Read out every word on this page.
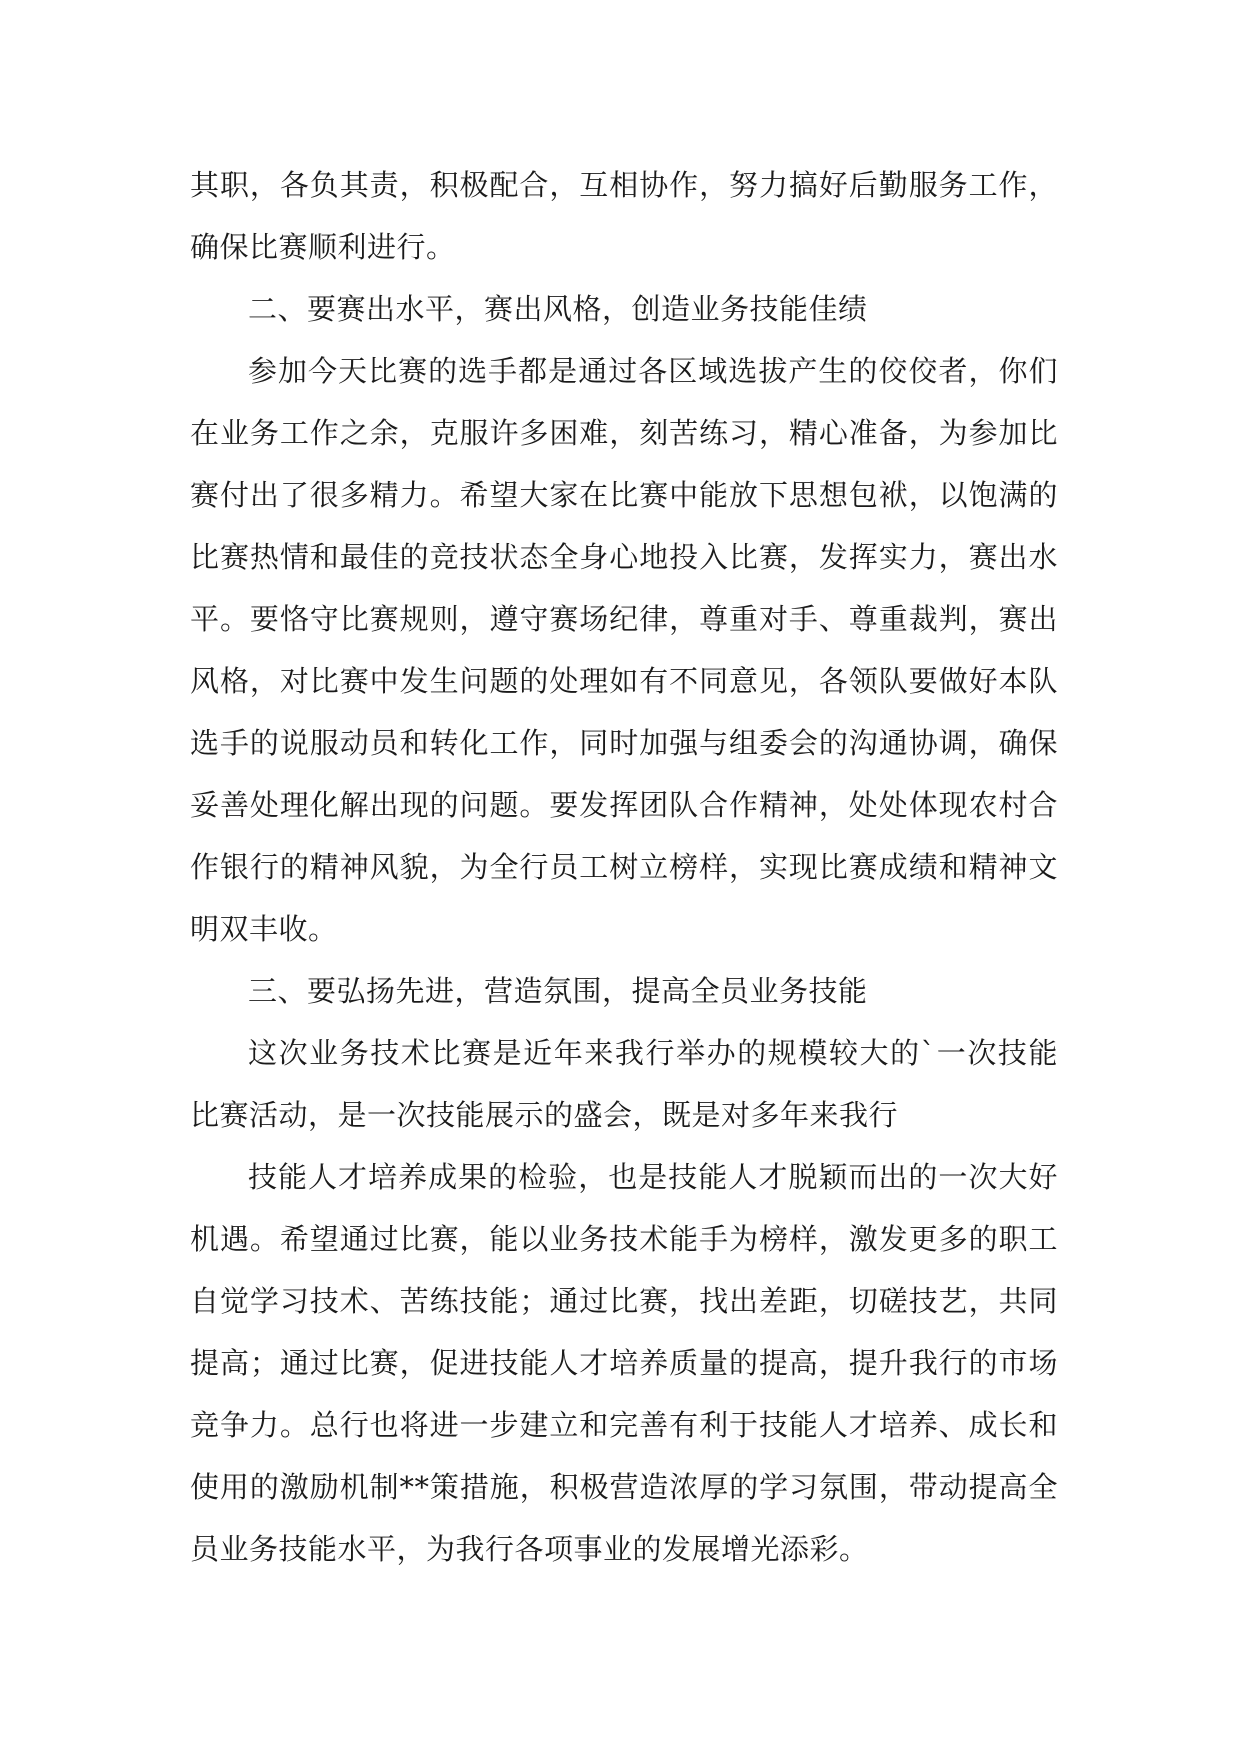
其职，各负其责，积极配合，互相协作，努力搞好后勤服务工作，确保比赛顺利进行。

二、要赛出水平，赛出风格，创造业务技能佳绩

参加今天比赛的选手都是通过各区域选拔产生的佼佼者，你们在业务工作之余，克服许多困难，刻苦练习，精心准备，为参加比赛付出了很多精力。希望大家在比赛中能放下思想包袱，以饱满的比赛热情和最佳的竞技状态全身心地投入比赛，发挥实力，赛出水平。要恪守比赛规则，遵守赛场纪律，尊重对手、尊重裁判，赛出风格，对比赛中发生问题的处理如有不同意见，各领队要做好本队选手的说服动员和转化工作，同时加强与组委会的沟通协调，确保妥善处理化解出现的问题。要发挥团队合作精神，处处体现农村合作银行的精神风貌，为全行员工树立榜样，实现比赛成绩和精神文明双丰收。

三、要弘扬先进，营造氛围，提高全员业务技能

这次业务技术比赛是近年来我行举办的规模较大的`一次技能比赛活动，是一次技能展示的盛会，既是对多年来我行

技能人才培养成果的检验，也是技能人才脱颖而出的一次大好机遇。希望通过比赛，能以业务技术能手为榜样，激发更多的职工自觉学习技术、苦练技能；通过比赛，找出差距，切磋技艺，共同提高；通过比赛，促进技能人才培养质量的提高，提升我行的市场竞争力。总行也将进一步建立和完善有利于技能人才培养、成长和使用的激励机制**策措施，积极营造浓厚的学习氛围，带动提高全员业务技能水平，为我行各项事业的发展增光添彩。
